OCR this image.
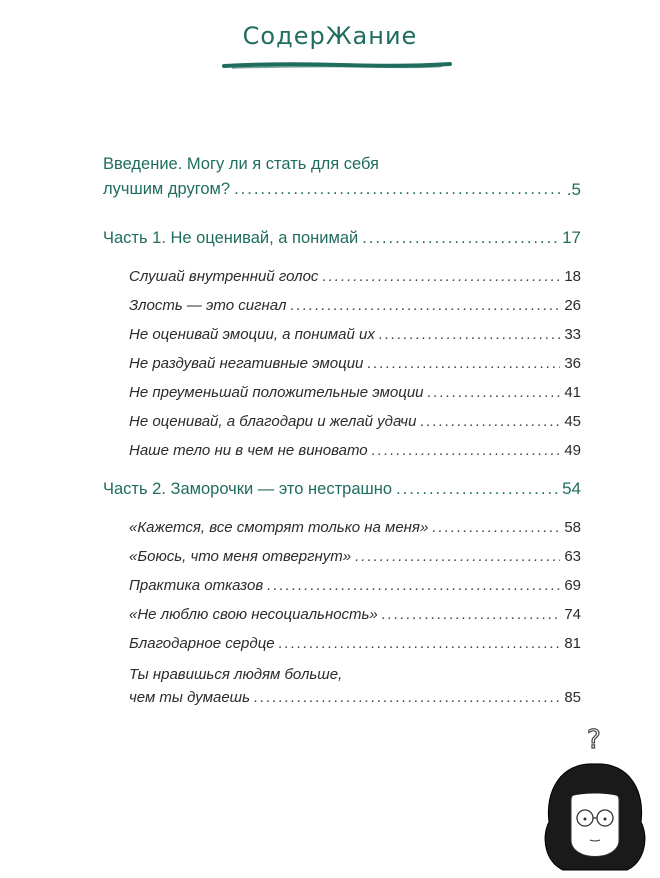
СодерЖание
Введение. Могу ли я стать для себя
лучшим другом? .....	.5
Часть 1. Не оценивай, а понимай .....	17
Слушай внутренний голос .....	18
Злость — это сигнал .....	26
Не оценивай эмоции, а понимай их .....	33
Не раздувай негативные эмоции .....	36
Не преуменьшай положительные эмоции .....	41
Не оценивай, а благодари и желай удачи .....	45
Наше тело ни в чем не виновато .....	49
Часть 2. Заморочки — это нестрашно .....	54
«Кажется, все смотрят только на меня» .....	58
«Боюсь, что меня отвергнут» .....	63
Практика отказов .....	69
«Не люблю свою несоциальность» .....	74
Благодарное сердце .....	81
Ты нравишься людям больше,
чем ты думаешь .....	85
?
